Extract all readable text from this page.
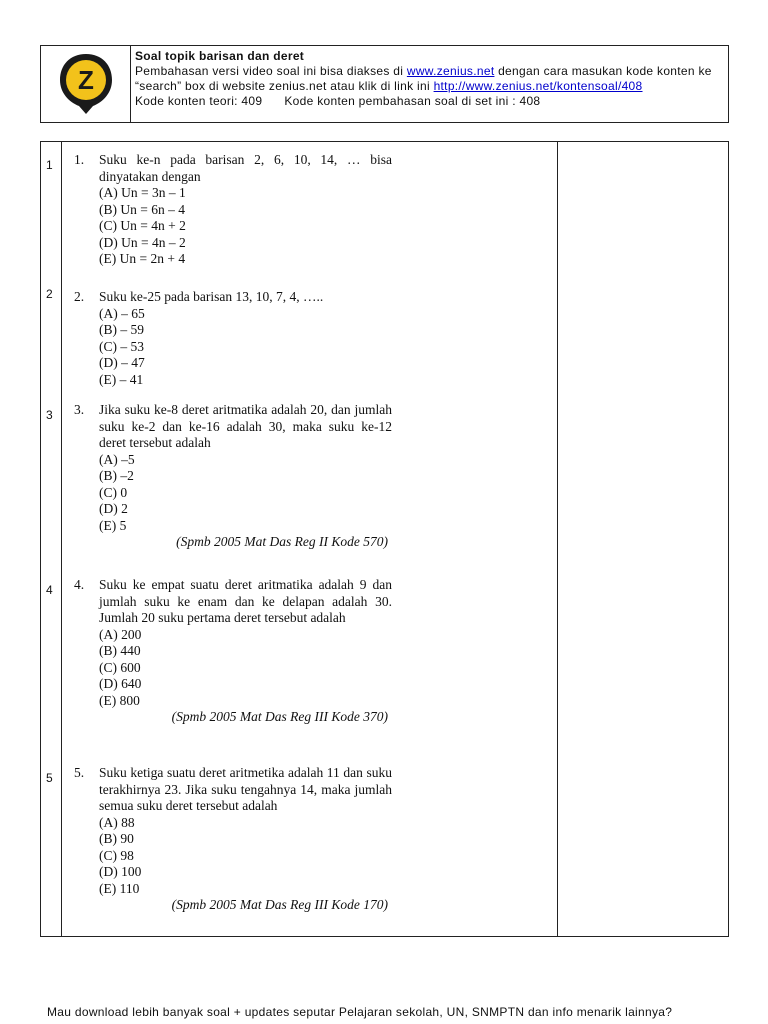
Z
Soal topik barisan dan deret
Pembahasan versi video soal ini bisa diakses di www.zenius.net dengan cara masukan kode konten ke
“search” box di website zenius.net atau klik di link ini http://www.zenius.net/kontensoal/408
Kode konten teori: 409 Kode konten pembahasan soal di set ini : 408
1 1.	Suku ke-n pada barisan 2, 6, 10, 14, … bisa dinyatakan dengan
(A) Un = 3n – 1
(B) Un = 6n – 4
(C) Un = 4n + 2
(D) Un = 4n – 2
(E) Un = 2n + 4
2 2.	Suku ke-25 pada barisan 13, 10, 7, 4, …..
(A) – 65
(B) – 59
(C) – 53
(D) – 47
(E) – 41
3 3.	Jika suku ke-8 deret aritmatika adalah 20, dan jumlah suku ke-2 dan ke-16 adalah 30, maka suku ke-12 deret tersebut adalah
(A) –5
(B) –2
(C) 0
(D) 2
(E) 5
(Spmb 2005 Mat Das Reg II Kode 570)
4 4.	Suku ke empat suatu deret aritmatika adalah 9 dan jumlah suku ke enam dan ke delapan adalah 30. Jumlah 20 suku pertama deret tersebut adalah
(A) 200
(B) 440
(C) 600
(D) 640
(E) 800
(Spmb 2005 Mat Das Reg III Kode 370)
5 5.	Suku ketiga suatu deret aritmetika adalah 11 dan suku terakhirnya 23. Jika suku tengahnya 14, maka jumlah semua suku deret tersebut adalah
(A) 88
(B) 90
(C) 98
(D) 100
(E) 110
(Spmb 2005 Mat Das Reg III Kode 170)
Mau download lebih banyak soal + updates seputar Pelajaran sekolah, UN, SNMPTN dan info menarik lainnya?
